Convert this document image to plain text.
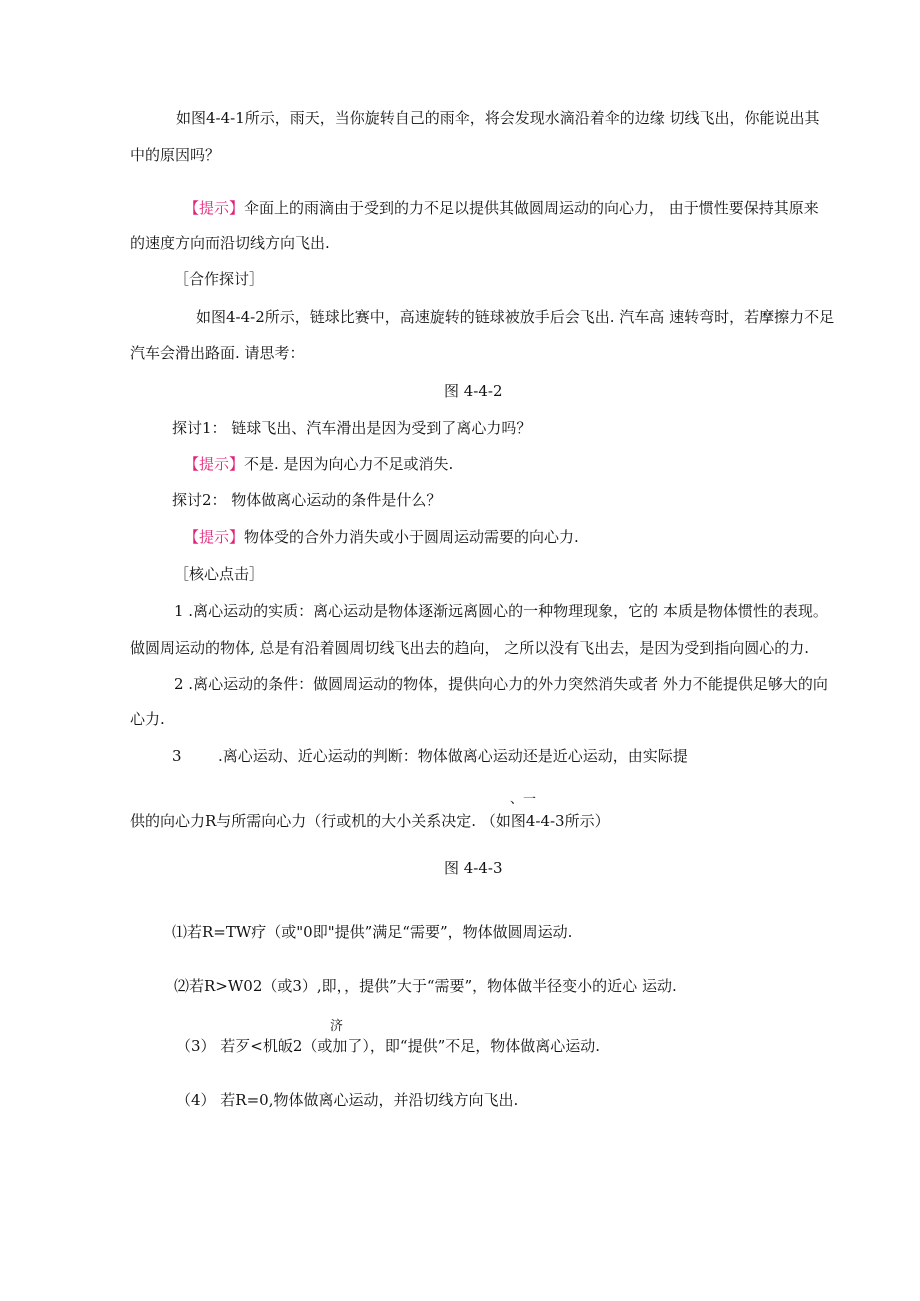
如图4-4-1所示，雨天，当你旋转自己的雨伞，将会发现水滴沿着伞的边缘 切线飞出，你能说出其

中的原因吗？

【提示】伞面上的雨滴由于受到的力不足以提供其做圆周运动的向心力， 由于惯性要保持其原来

的速度方向而沿切线方向飞出.

［合作探讨］

如图4-4-2所示，链球比赛中，高速旋转的链球被放手后会飞出. 汽车高 速转弯时，若摩擦力不足

汽车会滑出路面. 请思考：

图 4-4-2

探讨1： 链球飞出、汽车滑出是因为受到了离心力吗？

【提示】不是. 是因为向心力不足或消失.

探讨2： 物体做离心运动的条件是什么？

【提示】物体受的合外力消失或小于圆周运动需要的向心力.

［核心点击］

1 .离心运动的实质：离心运动是物体逐渐远离圆心的一种物理现象，它的 本质是物体惯性的表现。

做圆周运动的物体, 总是有沿着圆周切线飞出去的趋向， 之所以没有飞出去，是因为受到指向圆心的力.

2 .离心运动的条件：做圆周运动的物体，提供向心力的外力突然消失或者 外力不能提供足够大的向

心力.

3 .离心运动、近心运动的判断：物体做离心运动还是近心运动，由实际提

、一

供的向心力R与所需向心力（行或机的大小关系决定. （如图4-4-3所示）

图 4-4-3

⑴若R=TW疗（或"0即"提供”满足“需要”，物体做圆周运动.

⑵若R>W02（或3）,即，，提供”大于“需要”，物体做半径变小的近心 运动.

济

（3） 若歹<机皈2（或加了），即“提供”不足，物体做离心运动.

（4） 若R=0,物体做离心运动，并沿切线方向飞出.
